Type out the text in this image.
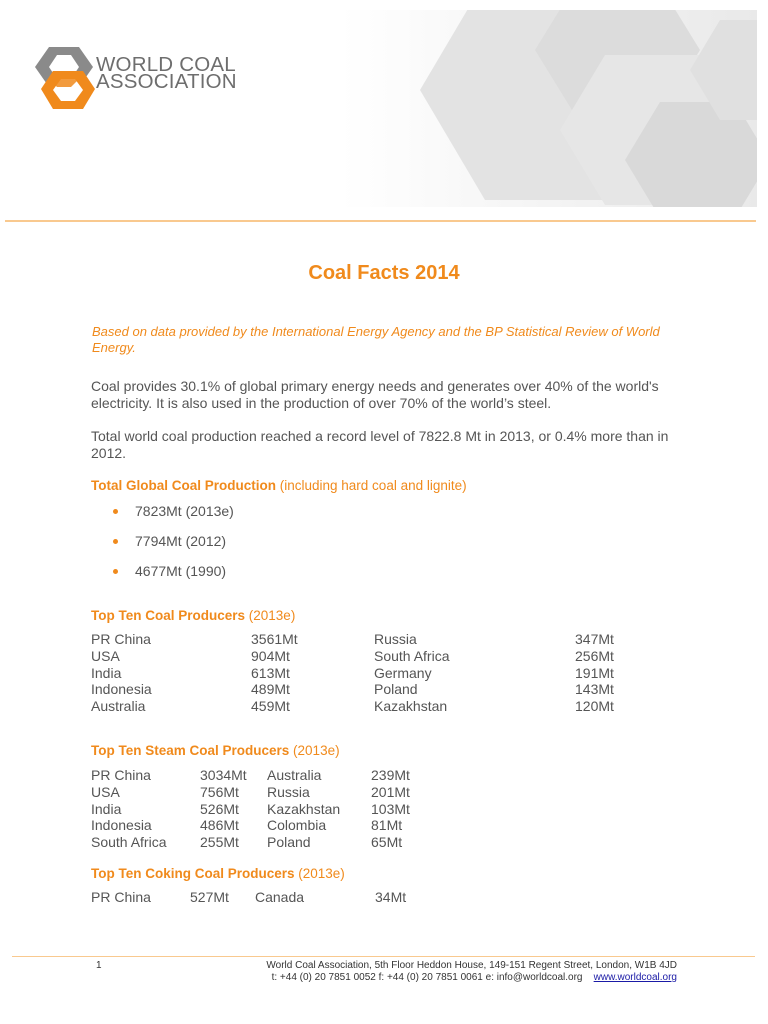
WORLD COAL
ASSOCIATION
Coal Facts 2014
Based on data provided by the International Energy Agency and the BP Statistical Review of World Energy.
Coal provides 30.1% of global primary energy needs and generates over 40% of the world's electricity. It is also used in the production of over 70% of the world’s steel.
Total world coal production reached a record level of 7822.8 Mt in 2013, or 0.4% more than in 2012.
Total Global Coal Production (including hard coal and lignite)
7823Mt (2013e)
7794Mt (2012)
4677Mt (1990)
Top Ten Coal Producers (2013e)
PR China	3561Mt	Russia	347Mt
USA	904Mt	South Africa	256Mt
India	613Mt	Germany	191Mt
Indonesia	489Mt	Poland	143Mt
Australia	459Mt	Kazakhstan	120Mt
Top Ten Steam Coal Producers (2013e)
PR China	3034Mt Australia	239Mt
USA	756Mt Russia	201Mt
India	526Mt Kazakhstan 103Mt
Indonesia	486Mt Colombia	81Mt
South Africa 255Mt Poland	65Mt
Top Ten Coking Coal Producers (2013e)
PR China	527Mt Canada	34Mt
1	World Coal Association, 5th Floor Heddon House, 149-151 Regent Street, London, W1B 4JD
t: +44 (0) 20 7851 0052 f: +44 (0) 20 7851 0061 e: info@worldcoal.org www.worldcoal.org
